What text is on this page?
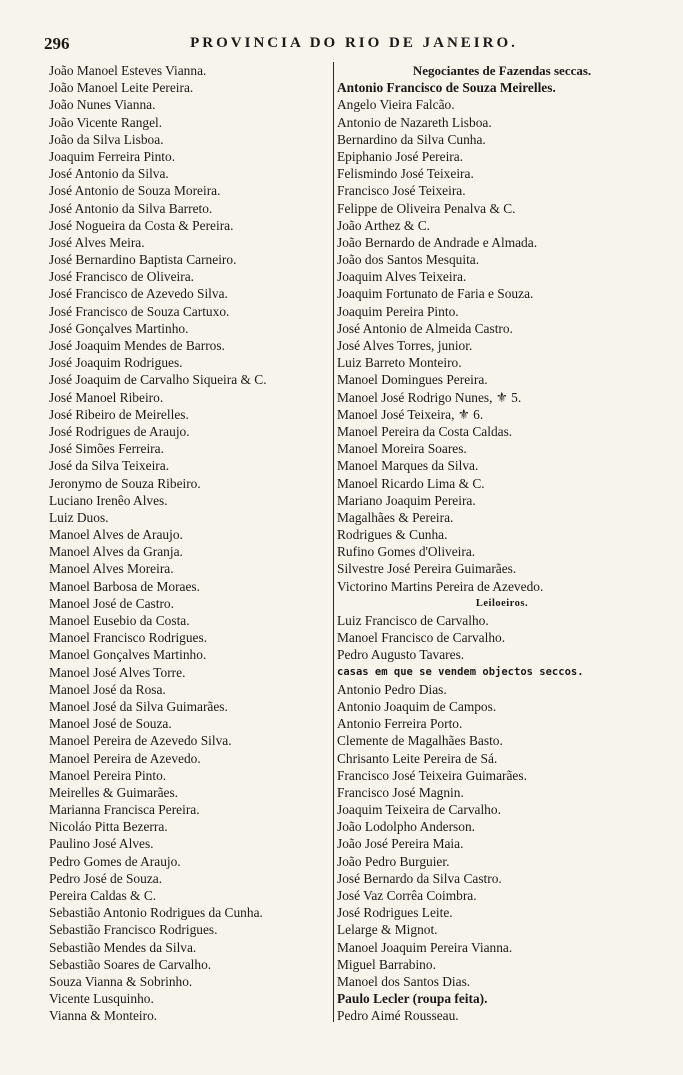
296	PROVINCIA DO RIO DE JANEIRO.
João Manoel Esteves Vianna.
João Manoel Leite Pereira.
João Nunes Vianna.
João Vicente Rangel.
João da Silva Lisboa.
Joaquim Ferreira Pinto.
José Antonio da Silva.
José Antonio de Souza Moreira.
José Antonio da Silva Barreto.
José Nogueira da Costa & Pereira.
José Alves Meira.
José Bernardino Baptista Carneiro.
José Francisco de Oliveira.
José Francisco de Azevedo Silva.
José Francisco de Souza Cartuxo.
José Gonçalves Martinho.
José Joaquim Mendes de Barros.
José Joaquim Rodrigues.
José Joaquim de Carvalho Siqueira & C.
José Manoel Ribeiro.
José Ribeiro de Meirelles.
José Rodrigues de Araujo.
José Simões Ferreira.
José da Silva Teixeira.
Jeronymo de Souza Ribeiro.
Luciano Irenêo Alves.
Luiz Duos.
Manoel Alves de Araujo.
Manoel Alves da Granja.
Manoel Alves Moreira.
Manoel Barbosa de Moraes.
Manoel José de Castro.
Manoel Eusebio da Costa.
Manoel Francisco Rodrigues.
Manoel Gonçalves Martinho.
Manoel José Alves Torre.
Manoel José da Rosa.
Manoel José da Silva Guimarães.
Manoel José de Souza.
Manoel Pereira de Azevedo Silva.
Manoel Pereira de Azevedo.
Manoel Pereira Pinto.
Meirelles & Guimarães.
Marianna Francisca Pereira.
Nicoláo Pitta Bezerra.
Paulino José Alves.
Pedro Gomes de Araujo.
Pedro José de Souza.
Pereira Caldas & C.
Sebastião Antonio Rodrigues da Cunha.
Sebastião Francisco Rodrigues.
Sebastião Mendes da Silva.
Sebastião Soares de Carvalho.
Souza Vianna & Sobrinho.
Vicente Lusquinho.
Vianna & Monteiro.
Negociantes de Fazendas seccas.
Antonio Francisco de Souza Meirelles.
Angelo Vieira Falcão.
Antonio de Nazareth Lisboa.
Bernardino da Silva Cunha.
Epiphanio José Pereira.
Felismindo José Teixeira.
Francisco José Teixeira.
Felippe de Oliveira Penalva & C.
João Arthez & C.
João Bernardo de Andrade e Almada.
João dos Santos Mesquita.
Joaquim Alves Teixeira.
Joaquim Fortunato de Faria e Souza.
Joaquim Pereira Pinto.
José Antonio de Almeida Castro.
José Alves Torres, junior.
Luiz Barreto Monteiro.
Manoel Domingues Pereira.
Manoel José Rodrigo Nunes, ⚜ 5.
Manoel José Teixeira, ⚜ 6.
Manoel Pereira da Costa Caldas.
Manoel Moreira Soares.
Manoel Marques da Silva.
Manoel Ricardo Lima & C.
Mariano Joaquim Pereira.
Magalhães & Pereira.
Rodrigues & Cunha.
Rufino Gomes d'Oliveira.
Silvestre José Pereira Guimarães.
Victorino Martins Pereira de Azevedo.
Leiloeiros.
Luiz Francisco de Carvalho.
Manoel Francisco de Carvalho.
Pedro Augusto Tavares.
casas em que se vendem objectos seccos.
Antonio Pedro Dias.
Antonio Joaquim de Campos.
Antonio Ferreira Porto.
Clemente de Magalhães Basto.
Chrisanto Leite Pereira de Sá.
Francisco José Teixeira Guimarães.
Francisco José Magnin.
Joaquim Teixeira de Carvalho.
João Lodolpho Anderson.
João José Pereira Maia.
João Pedro Burguier.
José Bernardo da Silva Castro.
José Vaz Corrêa Coimbra.
José Rodrigues Leite.
Lelarge & Mignot.
Manoel Joaquim Pereira Vianna.
Miguel Barrabino.
Manoel dos Santos Dias.
Paulo Lecler (roupa feita).
Pedro Aimé Rousseau.
